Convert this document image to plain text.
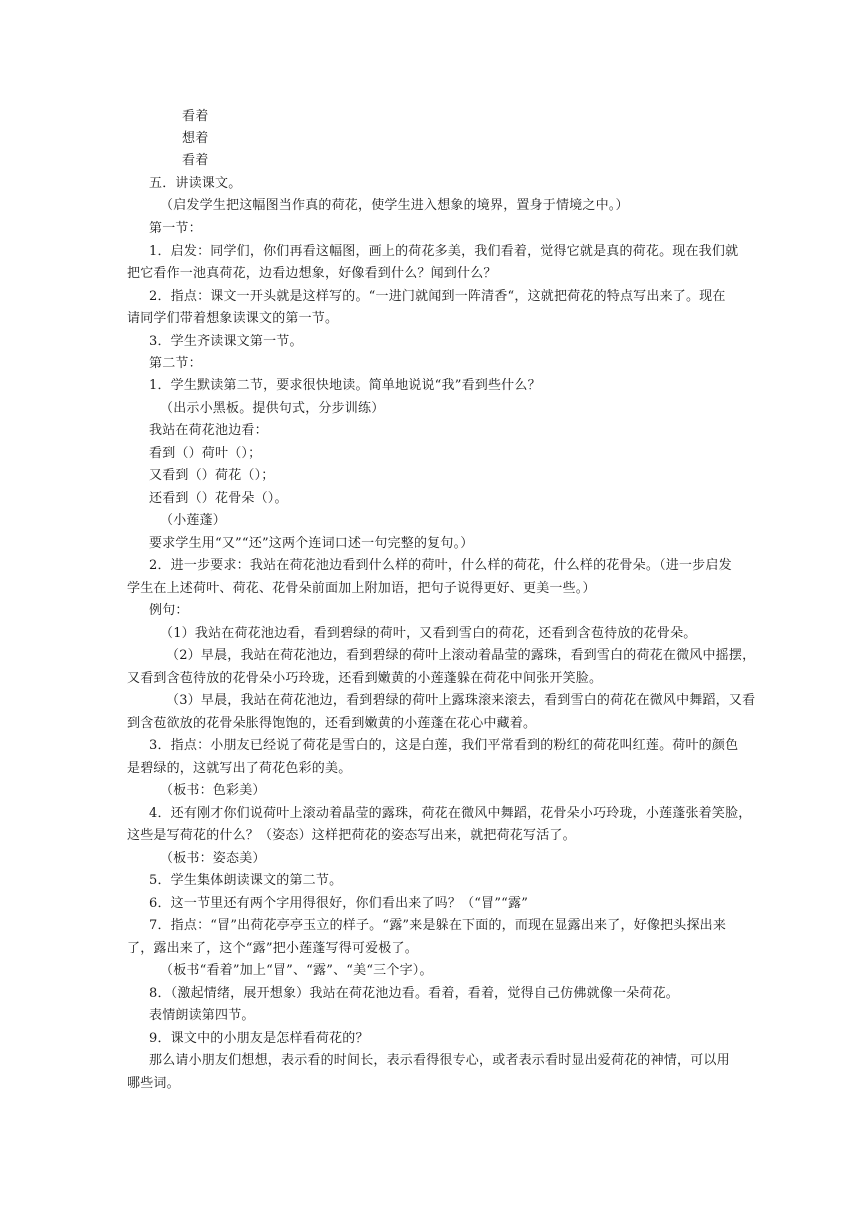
看着
想着
看着
五．讲读课文。
（启发学生把这幅图当作真的荷花，使学生进入想象的境界，置身于情境之中。）
第一节：
1．启发：同学们，你们再看这幅图，画上的荷花多美，我们看着，觉得它就是真的荷花。现在我们就
把它看作一池真荷花，边看边想象，好像看到什么？闻到什么？
2．指点：课文一开头就是这样写的。“一进门就闻到一阵清香“，这就把荷花的特点写出来了。现在
请同学们带着想象读课文的第一节。
3．学生齐读课文第一节。
第二节：
1．学生默读第二节，要求很快地读。简单地说说“我”看到些什么？
（出示小黑板。提供句式，分步训练）
我站在荷花池边看：
看到（）荷叶（）；
又看到（）荷花（）；
还看到（）花骨朵（）。
（小莲蓬）
要求学生用“又”“还”这两个连词口述一句完整的复句。）
2．进一步要求：我站在荷花池边看到什么样的荷叶，什么样的荷花，什么样的花骨朵。（进一步启发
学生在上述荷叶、荷花、花骨朵前面加上附加语，把句子说得更好、更美一些。）
例句：
（1）我站在荷花池边看，看到碧绿的荷叶，又看到雪白的荷花，还看到含苞待放的花骨朵。
（2）早晨，我站在荷花池边，看到碧绿的荷叶上滚动着晶莹的露珠，看到雪白的荷花在微风中摇摆，
又看到含苞待放的花骨朵小巧玲珑，还看到嫩黄的小莲蓬躲在荷花中间张开笑脸。
（3）早晨，我站在荷花池边，看到碧绿的荷叶上露珠滚来滚去，看到雪白的荷花在微风中舞蹈，又看
到含苞欲放的花骨朵胀得饱饱的，还看到嫩黄的小莲蓬在花心中藏着。
3．指点：小朋友已经说了荷花是雪白的，这是白莲，我们平常看到的粉红的荷花叫红莲。荷叶的颜色
是碧绿的，这就写出了荷花色彩的美。
（板书：色彩美）
4．还有刚才你们说荷叶上滚动着晶莹的露珠，荷花在微风中舞蹈，花骨朵小巧玲珑，小莲蓬张着笑脸，
这些是写荷花的什么？（姿态）这样把荷花的姿态写出来，就把荷花写活了。
（板书：姿态美）
5．学生集体朗读课文的第二节。
6．这一节里还有两个字用得很好，你们看出来了吗？（“冒”“露”
7．指点：“冒”出荷花亭亭玉立的样子。“露”来是躲在下面的，而现在显露出来了，好像把头探出来
了，露出来了，这个“露”把小莲蓬写得可爱极了。
（板书“看着”加上“冒”、“露”、“美“三个字）。
8．（激起情绪，展开想象）我站在荷花池边看。看着，看着，觉得自己仿佛就像一朵荷花。
表情朗读第四节。
9．课文中的小朋友是怎样看荷花的？
那么请小朋友们想想，表示看的时间长，表示看得很专心，或者表示看时显出爱荷花的神情，可以用
哪些词。
